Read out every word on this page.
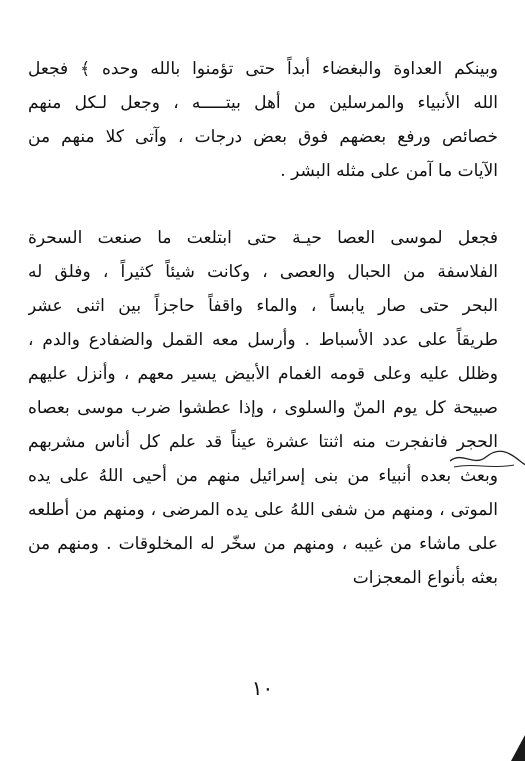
وبينكم العداوة والبغضاء أبداً حتى تؤمنوا بالله وحده ﴾ فجعل
الله الأنبياء والمرسلين من أهل بيتـــــه ، وجعل لـكل منهم
خصائص ورفع بعضهم فوق بعض درجات ، وآتى كلا منهم من
الآيات ما آمن على مثله البشر .
فجعل لموسى العصا حيـة حتى ابتلعت ما صنعت السحرة
الفلاسفة من الحبال والعصى ، وكانت شيئاً كثيراً ، وفلق له
البحر حتى صار يابساً ، والماء واقفاً حاجزاً بين اثنى عشر
طريقاً على عدد الأسباط . وأرسل معه القمل والضفادع والدم ،
وظلل عليه وعلى قومه الغمام الأبيض يسير معهم ، وأنزل عليهم
صبيحة كل يوم المنّ والسلوى ، وإذا عطشوا ضرب موسى بعصاه
الحجر فانفجرت منه اثنتا عشرة عيناً قد علم كل أناس مشربهم
وبعث بعده أنبياء من بنى إسرائيل منهم من أحيى اللهُ على يده
الموتى ، ومنهم من شفى اللهُ على يده المرضى ، ومنهم من أطلعه
على ماشاء من غيبه ، ومنهم من سخّر له المخلوقات . ومنهم من
بعثه بأنواع المعجزات
١٠
